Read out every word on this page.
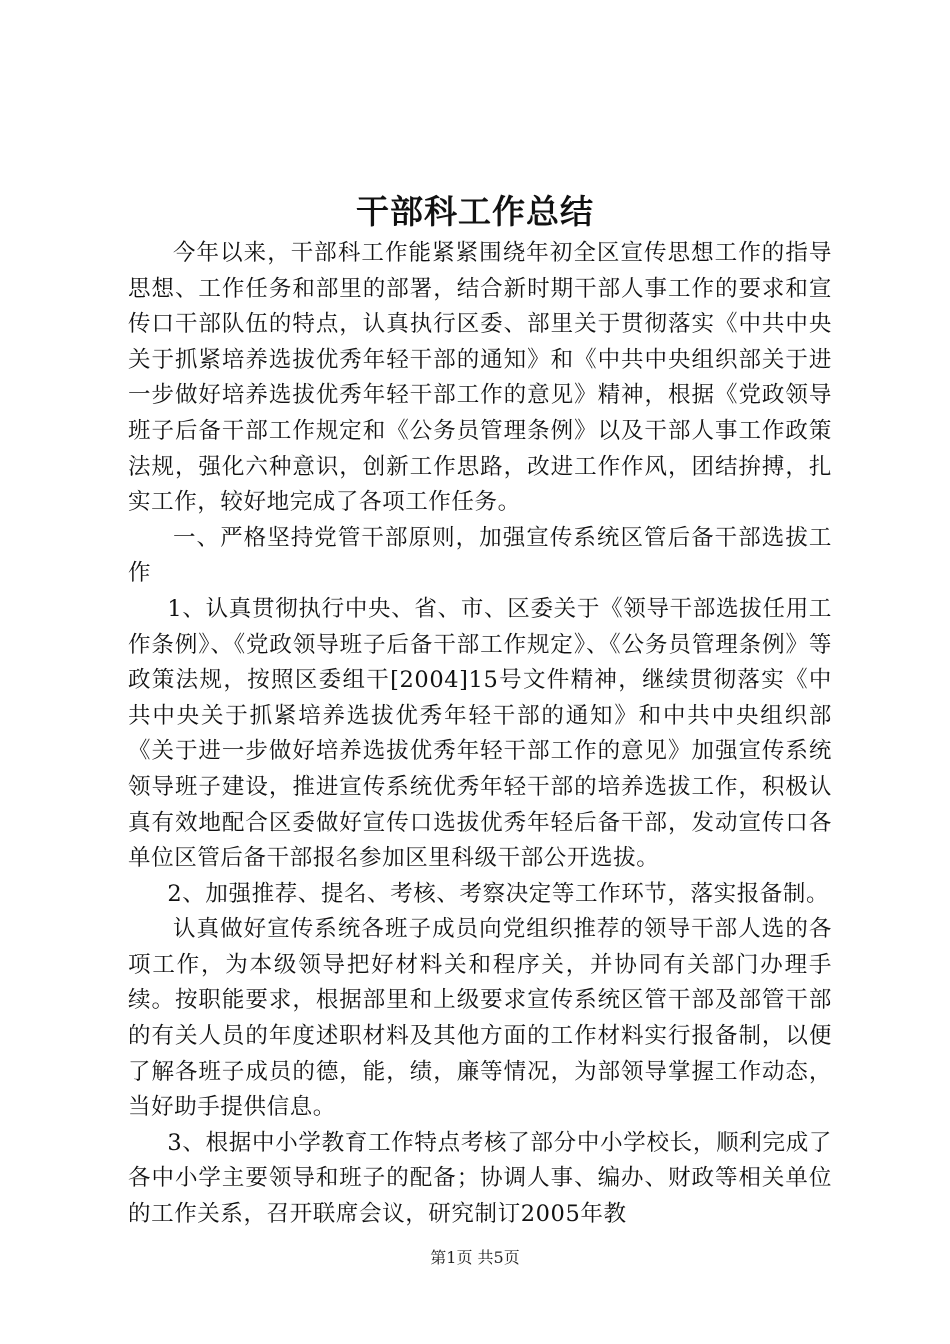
干部科工作总结

今年以来，干部科工作能紧紧围绕年初全区宣传思想工作的指导思想、工作任务和部里的部署，结合新时期干部人事工作的要求和宣传口干部队伍的特点，认真执行区委、部里关于贯彻落实《中共中央关于抓紧培养选拔优秀年轻干部的通知》和《中共中央组织部关于进一步做好培养选拔优秀年轻干部工作的意见》精神，根据《党政领导班子后备干部工作规定和《公务员管理条例》以及干部人事工作政策法规，强化六种意识，创新工作思路，改进工作作风，团结拚搏，扎实工作，较好地完成了各项工作任务。

一、严格坚持党管干部原则，加强宣传系统区管后备干部选拔工作

1、认真贯彻执行中央、省、市、区委关于《领导干部选拔任用工作条例》、《党政领导班子后备干部工作规定》、《公务员管理条例》等政策法规，按照区委组干[2004]15号文件精神，继续贯彻落实《中共中央关于抓紧培养选拔优秀年轻干部的通知》和中共中央组织部《关于进一步做好培养选拔优秀年轻干部工作的意见》加强宣传系统领导班子建设，推进宣传系统优秀年轻干部的培养选拔工作，积极认真有效地配合区委做好宣传口选拔优秀年轻后备干部，发动宣传口各单位区管后备干部报名参加区里科级干部公开选拔。

2、加强推荐、提名、考核、考察决定等工作环节，落实报备制。

认真做好宣传系统各班子成员向党组织推荐的领导干部人选的各项工作，为本级领导把好材料关和程序关，并协同有关部门办理手续。按职能要求，根据部里和上级要求宣传系统区管干部及部管干部的有关人员的年度述职材料及其他方面的工作材料实行报备制，以便了解各班子成员的德，能，绩，廉等情况，为部领导掌握工作动态，当好助手提供信息。

3、根据中小学教育工作特点考核了部分中小学校长，顺利完成了各中小学主要领导和班子的配备；协调人事、编办、财政等相关单位的工作关系，召开联席会议，研究制订2005年教

第1页 共5页
